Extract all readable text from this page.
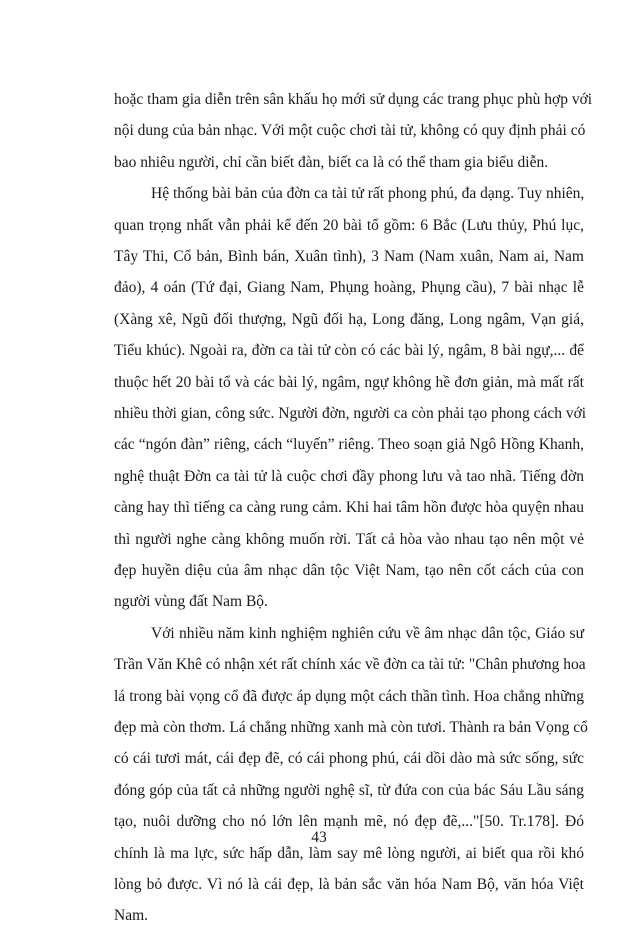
hoặc tham gia diễn trên sân khấu họ mới sử dụng các trang phục phù hợp với
nội dung của bản nhạc. Với một cuộc chơi tài tử, không có quy định phải có
bao nhiêu người, chỉ cần biết đàn, biết ca là có thể tham gia biểu diễn.
Hệ thống bài bản của đờn ca tài tử rất phong phú, đa dạng. Tuy nhiên,
quan trọng nhất vẫn phải kể đến 20 bài tổ gồm: 6 Bắc (Lưu thủy, Phú lục,
Tây Thi, Cổ bản, Bình bán, Xuân tình), 3 Nam (Nam xuân, Nam ai, Nam
đảo), 4 oán (Tứ đại, Giang Nam, Phụng hoàng, Phụng cầu), 7 bài nhạc lễ
(Xàng xê, Ngũ đối thượng, Ngũ đối hạ, Long đăng, Long ngâm, Vạn giá,
Tiểu khúc). Ngoài ra, đờn ca tài tử còn có các bài lý, ngâm, 8 bài ngự,... để
thuộc hết 20 bài tổ và các bài lý, ngâm, ngự không hề đơn giản, mà mất rất
nhiều thời gian, công sức. Người đờn, người ca còn phải tạo phong cách với
các “ngón đàn” riêng, cách “luyến” riêng. Theo soạn giả Ngô Hồng Khanh,
nghệ thuật Đờn ca tài tử là cuộc chơi đầy phong lưu và tao nhã. Tiếng đờn
càng hay thì tiếng ca càng rung cảm. Khi hai tâm hồn được hòa quyện nhau
thì người nghe càng không muốn rời. Tất cả hòa vào nhau tạo nên một vẻ
đẹp huyền diệu của âm nhạc dân tộc Việt Nam, tạo nên cốt cách của con
người vùng đất Nam Bộ.
Với nhiều năm kinh nghiệm nghiên cứu về âm nhạc dân tộc, Giáo sư
Trần Văn Khê có nhận xét rất chính xác về đờn ca tài tử: "Chân phương hoa
lá trong bài vọng cổ đã được áp dụng một cách thần tình. Hoa chẳng những
đẹp mà còn thơm. Lá chẳng những xanh mà còn tươi. Thành ra bản Vọng cổ
có cái tươi mát, cái đẹp đẽ, có cái phong phú, cái dồi dào mà sức sống, sức
đóng góp của tất cả những người nghệ sĩ, từ đứa con của bác Sáu Lầu sáng
tạo, nuôi dưỡng cho nó lớn lên mạnh mẽ, nó đẹp đẽ,..."[50. Tr.178]. Đó
chính là ma lực, sức hấp dẫn, làm say mê lòng người, ai biết qua rồi khó
lòng bỏ được. Vì nó là cái đẹp, là bản sắc văn hóa Nam Bộ, văn hóa Việt
Nam.
43
